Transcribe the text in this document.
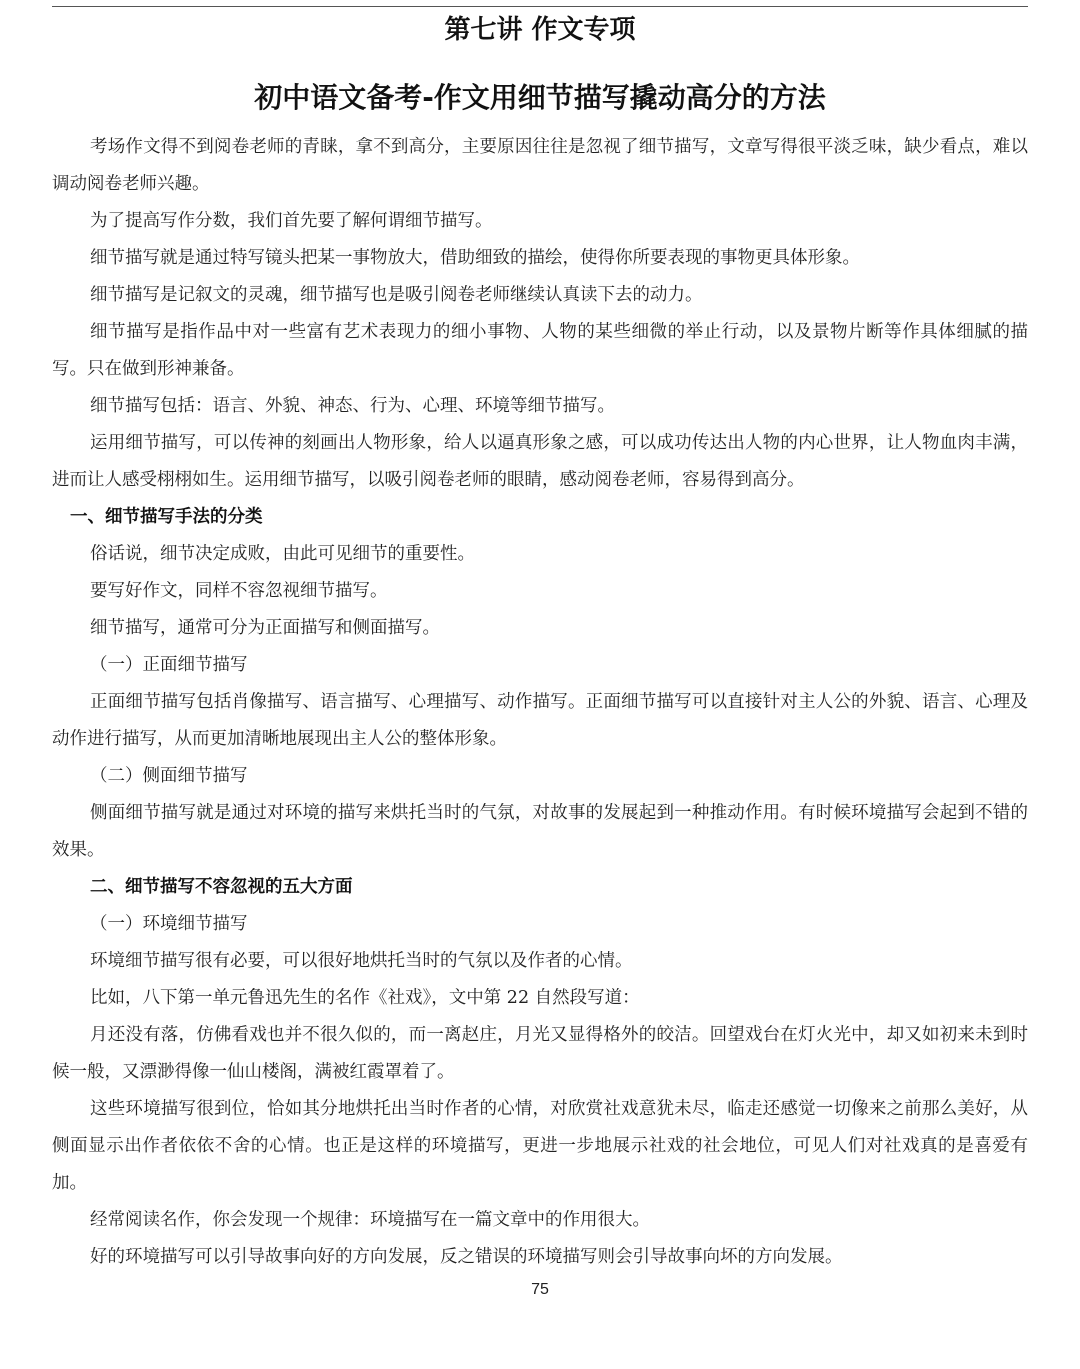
第七讲 作文专项
初中语文备考-作文用细节描写撬动高分的方法

考场作文得不到阅卷老师的青睐，拿不到高分，主要原因往往是忽视了细节描写，文章写得很平淡乏味，缺少看点，难以调动阅卷老师兴趣。

为了提高写作分数，我们首先要了解何谓细节描写。

细节描写就是通过特写镜头把某一事物放大，借助细致的描绘，使得你所要表现的事物更具体形象。

细节描写是记叙文的灵魂，细节描写也是吸引阅卷老师继续认真读下去的动力。

细节描写是指作品中对一些富有艺术表现力的细小事物、人物的某些细微的举止行动，以及景物片断等作具体细腻的描写。只在做到形神兼备。

细节描写包括：语言、外貌、神态、行为、心理、环境等细节描写。

运用细节描写，可以传神的刻画出人物形象，给人以逼真形象之感，可以成功传达出人物的内心世界，让人物血肉丰满，进而让人感受栩栩如生。运用细节描写，以吸引阅卷老师的眼睛，感动阅卷老师，容易得到高分。

一、细节描写手法的分类

俗话说，细节决定成败，由此可见细节的重要性。

要写好作文，同样不容忽视细节描写。

细节描写，通常可分为正面描写和侧面描写。

（一）正面细节描写

正面细节描写包括肖像描写、语言描写、心理描写、动作描写。正面细节描写可以直接针对主人公的外貌、语言、心理及动作进行描写，从而更加清晰地展现出主人公的整体形象。

（二）侧面细节描写

侧面细节描写就是通过对环境的描写来烘托当时的气氛，对故事的发展起到一种推动作用。有时候环境描写会起到不错的效果。

二、细节描写不容忽视的五大方面

（一）环境细节描写

环境细节描写很有必要，可以很好地烘托当时的气氛以及作者的心情。

比如，八下第一单元鲁迅先生的名作《社戏》，文中第 22 自然段写道：

月还没有落，仿佛看戏也并不很久似的，而一离赵庄，月光又显得格外的皎洁。回望戏台在灯火光中，却又如初来未到时候一般，又漂渺得像一仙山楼阁，满被红霞罩着了。

这些环境描写很到位，恰如其分地烘托出当时作者的心情，对欣赏社戏意犹未尽，临走还感觉一切像来之前那么美好，从侧面显示出作者依依不舍的心情。也正是这样的环境描写，更进一步地展示社戏的社会地位，可见人们对社戏真的是喜爱有加。

经常阅读名作，你会发现一个规律：环境描写在一篇文章中的作用很大。

好的环境描写可以引导故事向好的方向发展，反之错误的环境描写则会引导故事向坏的方向发展。

75
